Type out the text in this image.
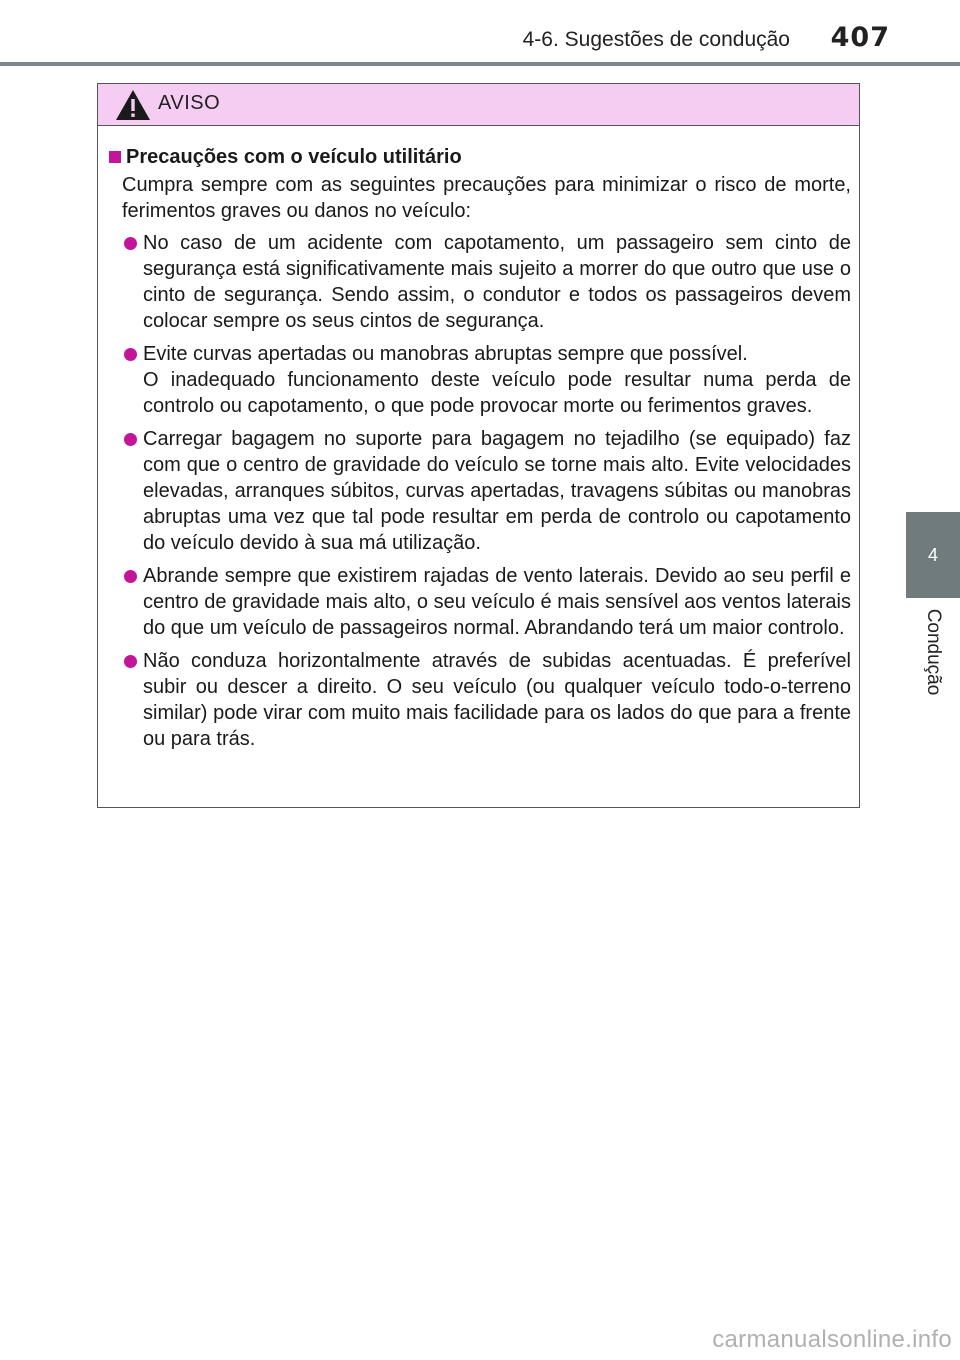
4-6. Sugestões de condução 407
4
Condução
AVISO
Precauções com o veículo utilitário
Cumpra sempre com as seguintes precauções para minimizar o risco de morte, ferimentos graves ou danos no veículo:
No caso de um acidente com capotamento, um passageiro sem cinto de segurança está significativamente mais sujeito a morrer do que outro que use o cinto de segurança. Sendo assim, o condutor e todos os passageiros devem colocar sempre os seus cintos de segurança.

Evite curvas apertadas ou manobras abruptas sempre que possível.

O inadequado funcionamento deste veículo pode resultar numa perda de controlo ou capotamento, o que pode provocar morte ou ferimentos graves.

Carregar bagagem no suporte para bagagem no tejadilho (se equipado) faz com que o centro de gravidade do veículo se torne mais alto. Evite velocidades elevadas, arranques súbitos, curvas apertadas, travagens súbitas ou manobras abruptas uma vez que tal pode resultar em perda de controlo ou capotamento do veículo devido à sua má utilização.
Abrande sempre que existirem rajadas de vento laterais. Devido ao seu perfil e centro de gravidade mais alto, o seu veículo é mais sensível aos ventos laterais do que um veículo de passageiros normal. Abrandando terá um maior controlo.
Não conduza horizontalmente através de subidas acentuadas. É preferível subir ou descer a direito. O seu veículo (ou qualquer veículo todo-o-terreno similar) pode virar com muito mais facilidade para os lados do que para a frente ou para trás.
carmanualsonline.info
